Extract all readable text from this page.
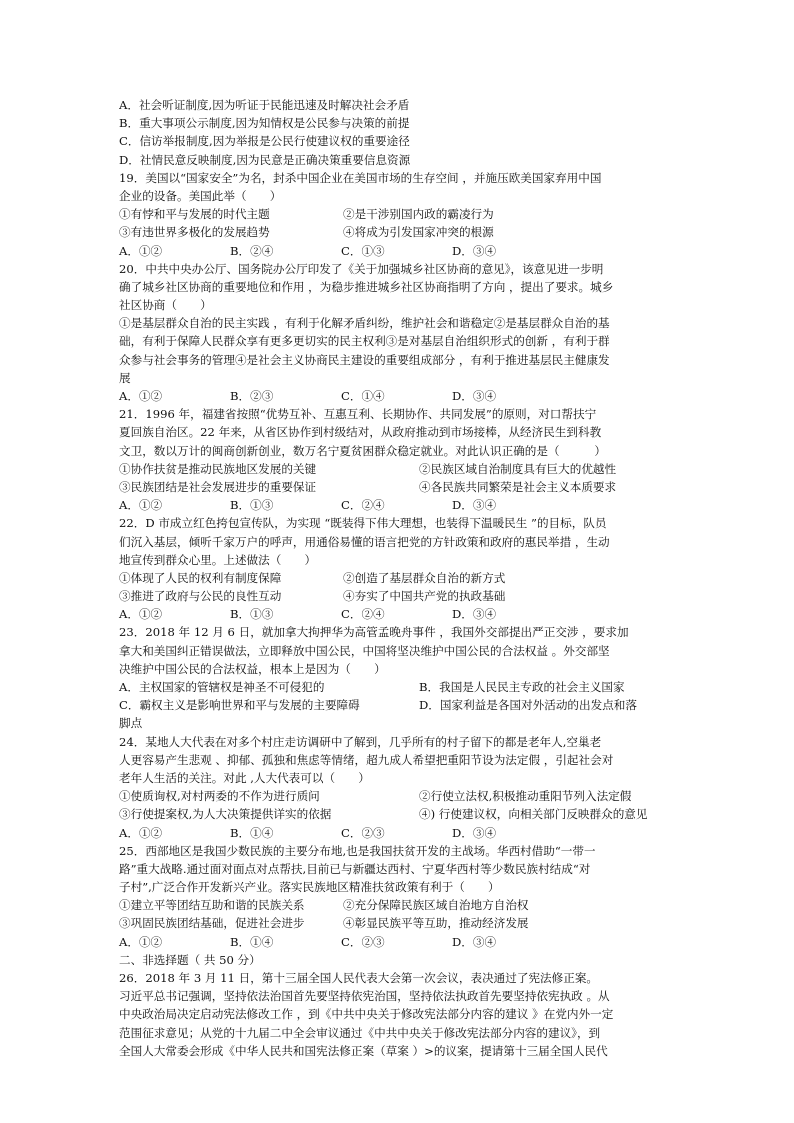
A．社会听证制度,因为听证于民能迅速及时解决社会矛盾
B．重大事项公示制度,因为知情权是公民参与决策的前提
C．信访举报制度,因为举报是公民行使建议权的重要途径
D．社情民意反映制度,因为民意是正确决策重要信息资源
19．美国以“国家安全”为名，封杀中国企业在美国市场的生存空间 ，并施压欧美国家弃用中国
企业的设备。美国此举（　　）
①有悖和平与发展的时代主题	②是干涉别国内政的霸凌行为
③有违世界多极化的发展趋势	④将成为引发国家冲突的根源
A．①②	B．②④	C．①③	D．③④
20．中共中央办公厅、国务院办公厅印发了《关于加强城乡社区协商的意见》，该意见进一步明
确了城乡社区协商的重要地位和作用 ，为稳步推进城乡社区协商指明了方向 ，提出了要求。城乡
社区协商（　　）
①是基层群众自治的民主实践 ，有利于化解矛盾纠纷，维护社会和谐稳定②是基层群众自治的基
础，有利于保障人民群众享有更多更切实的民主权利③是对基层自治组织形式的创新 ，有利于群
众参与社会事务的管理④是社会主义协商民主建设的重要组成部分 ，有利于推进基层民主健康发
展
A．①②	B．②③	C．①④	D．③④
21．1996 年，福建省按照“优势互补、互惠互利、长期协作、共同发展”的原则，对口帮扶宁
夏回族自治区。22 年来，从省区协作到村级结对，从政府推动到市场接棒，从经济民生到科教
文卫，数以万计的闽商创新创业，数万名宁夏贫困群众稳定就业。对此认识正确的是（　　　）
①协作扶贫是推动民族地区发展的关键	②民族区域自治制度具有巨大的优越性
③民族团结是社会发展进步的重要保证	④各民族共同繁荣是社会主义本质要求
A．①②	B．①③	C．②④	D．③④
22．D 市成立红色挎包宣传队，为实现 “既装得下伟大理想，也装得下温暖民生 ”的目标，队员
们沉入基层，倾听千家万户的呼声，用通俗易懂的语言把党的方针政策和政府的惠民举措 ，生动
地宣传到群众心里。上述做法（　　）
①体现了人民的权利有制度保障	②创造了基层群众自治的新方式
③推进了政府与公民的良性互动	④夯实了中国共产党的执政基础
A．①②	B．①③	C．②④	D．③④
23．2018 年 12 月 6 日，就加拿大拘押华为高管孟晚舟事件 ，我国外交部提出严正交涉 ，要求加
拿大和美国纠正错误做法，立即释放中国公民，中国将坚决维护中国公民的合法权益 。外交部坚
决维护中国公民的合法权益，根本上是因为（　　）
A．主权国家的管辖权是神圣不可侵犯的	B．我国是人民民主专政的社会主义国家
C．霸权主义是影响世界和平与发展的主要障碍	D．国家利益是各国对外活动的出发点和落
脚点
24．某地人大代表在对多个村庄走访调研中了解到，几乎所有的村子留下的都是老年人,空巢老
人更容易产生悲观 、抑郁、孤独和焦虑等情绪，超九成人希望把重阳节设为法定假 ，引起社会对
老年人生活的关注。对此 ,人大代表可以（　　）
①使质询权,对村两委的不作为进行质问	②行使立法权,积极推动重阳节列入法定假
③行使提案权,为人大决策提供详实的依据	④) 行使建议权，向相关部门反映群众的意见
A．①②	B．①④	C．②③	D．③④
25．西部地区是我国少数民族的主要分布地,也是我国扶贫开发的主战场。华西村借助“一带一
路”重大战略.通过面对面点对点帮扶,目前已与新疆达西村、宁夏华西村等少数民族村结成“对
子村”,广泛合作开发新兴产业。落实民族地区精准扶贫政策有利于（　　）
①建立平等团结互助和谐的民族关系	②充分保障民族区域自治地方自治权
③巩固民族团结基础，促进社会进步	④彰显民族平等互助，推动经济发展
A．①②	B．①④	C．②③	D．③④
二、非选择题（ 共 50 分）
26．2018 年 3 月 11 日，第十三届全国人民代表大会第一次会议，表决通过了宪法修正案。
习近平总书记强调，坚持依法治国首先要坚持依宪治国，坚持依法执政首先要坚持依宪执政 。从
中央政治局决定启动宪法修改工作 ，到《中共中央关于修改宪法部分内容的建议 》在党内外一定
范围征求意见；从党的十九届二中全会审议通过《中共中央关于修改宪法部分内容的建议》，到
全国人大常委会形成《中华人民共和国宪法修正案（草案 ）>的议案，提请第十三届全国人民代
